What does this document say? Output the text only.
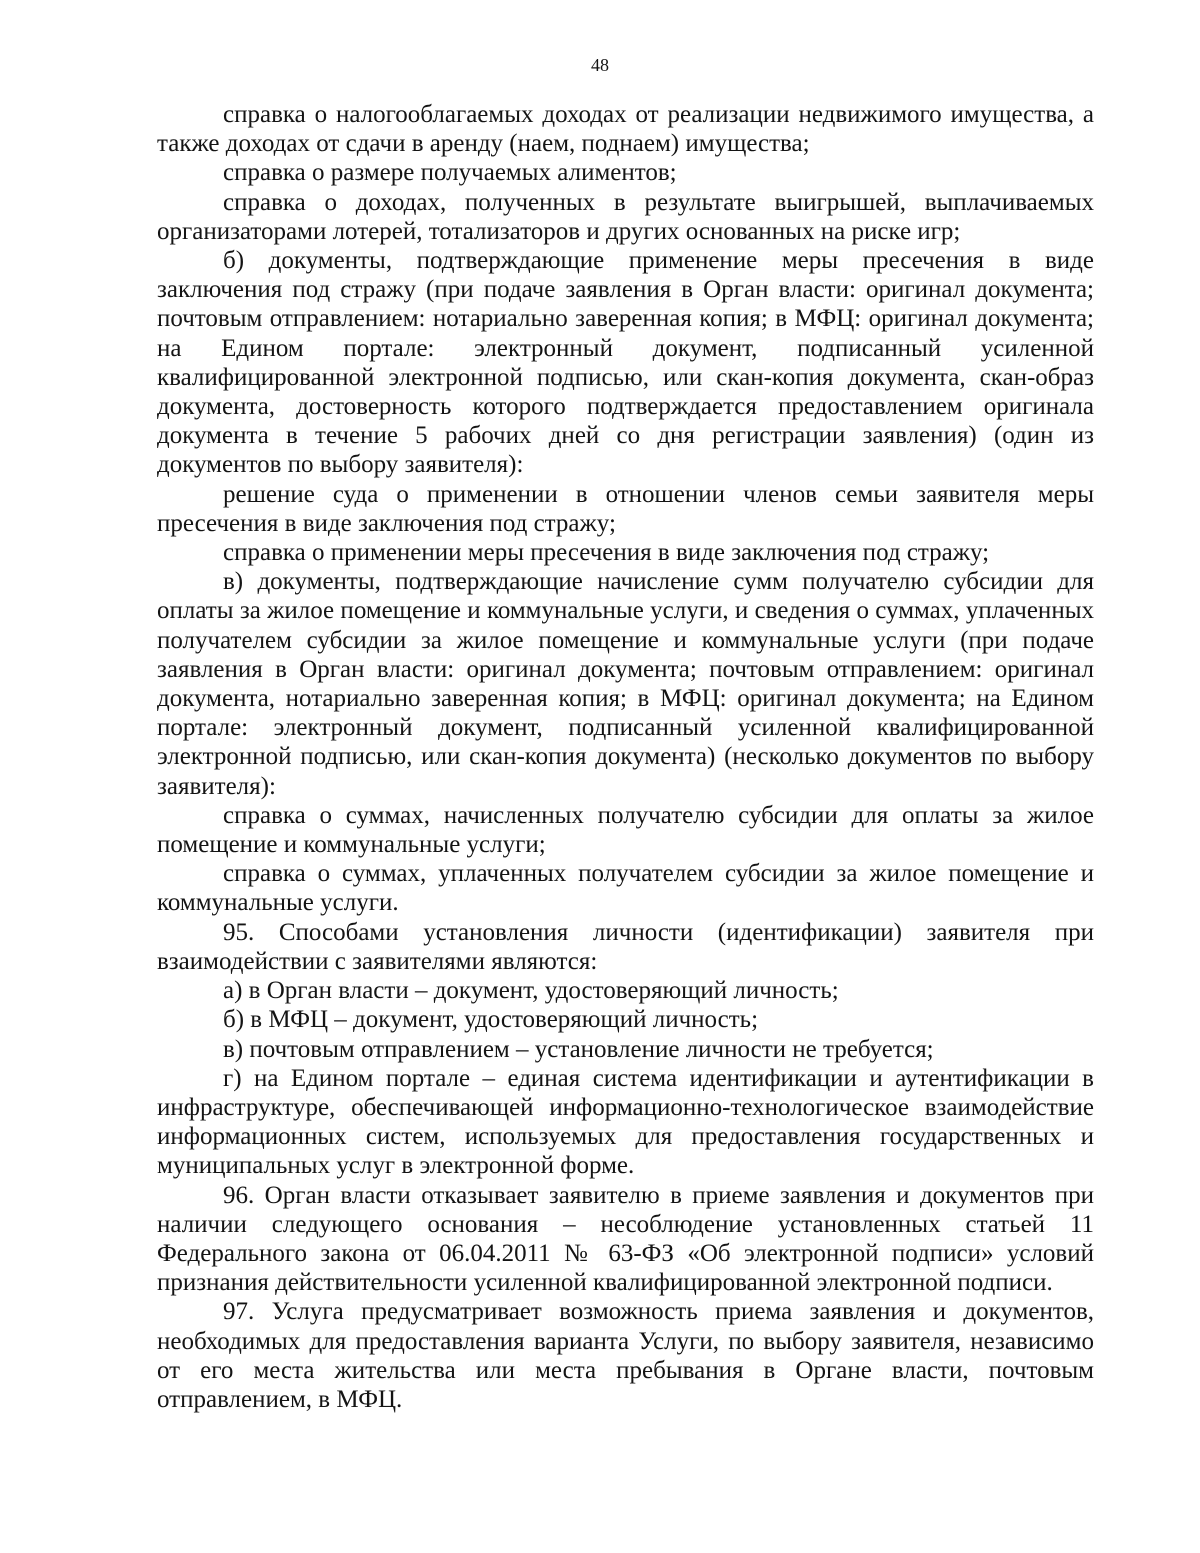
48

справка о налогооблагаемых доходах от реализации недвижимого имущества, а также доходах от сдачи в аренду (наем, поднаем) имущества;

справка о размере получаемых алиментов;

справка о доходах, полученных в результате выигрышей, выплачиваемых организаторами лотерей, тотализаторов и других основанных на риске игр;

б) документы, подтверждающие применение меры пресечения в виде заключения под стражу (при подаче заявления в Орган власти: оригинал документа; почтовым отправлением: нотариально заверенная копия; в МФЦ: оригинал документа; на Едином портале: электронный документ, подписанный усиленной квалифицированной электронной подписью, или скан-копия документа, скан-образ документа, достоверность которого подтверждается предоставлением оригинала документа в течение 5 рабочих дней со дня регистрации заявления) (один из документов по выбору заявителя):

решение суда о применении в отношении членов семьи заявителя меры пресечения в виде заключения под стражу;

справка о применении меры пресечения в виде заключения под стражу;

в) документы, подтверждающие начисление сумм получателю субсидии для оплаты за жилое помещение и коммунальные услуги, и сведения о суммах, уплаченных получателем субсидии за жилое помещение и коммунальные услуги (при подаче заявления в Орган власти: оригинал документа; почтовым отправлением: оригинал документа, нотариально заверенная копия; в МФЦ: оригинал документа; на Едином портале: электронный документ, подписанный усиленной квалифицированной электронной подписью, или скан-копия документа) (несколько документов по выбору заявителя):

справка о суммах, начисленных получателю субсидии для оплаты за жилое помещение и коммунальные услуги;

справка о суммах, уплаченных получателем субсидии за жилое помещение и коммунальные услуги.

95. Способами установления личности (идентификации) заявителя при взаимодействии с заявителями являются:

а) в Орган власти – документ, удостоверяющий личность;

б) в МФЦ – документ, удостоверяющий личность;

в) почтовым отправлением – установление личности не требуется;

г) на Едином портале – единая система идентификации и аутентификации в инфраструктуре, обеспечивающей информационно-технологическое взаимодействие информационных систем, используемых для предоставления государственных и муниципальных услуг в электронной форме.

96. Орган власти отказывает заявителю в приеме заявления и документов при наличии следующего основания – несоблюдение установленных статьей 11 Федерального закона от 06.04.2011 № 63-ФЗ «Об электронной подписи» условий признания действительности усиленной квалифицированной электронной подписи.

97. Услуга предусматривает возможность приема заявления и документов, необходимых для предоставления варианта Услуги, по выбору заявителя, независимо от его места жительства или места пребывания в Органе власти, почтовым отправлением, в МФЦ.
